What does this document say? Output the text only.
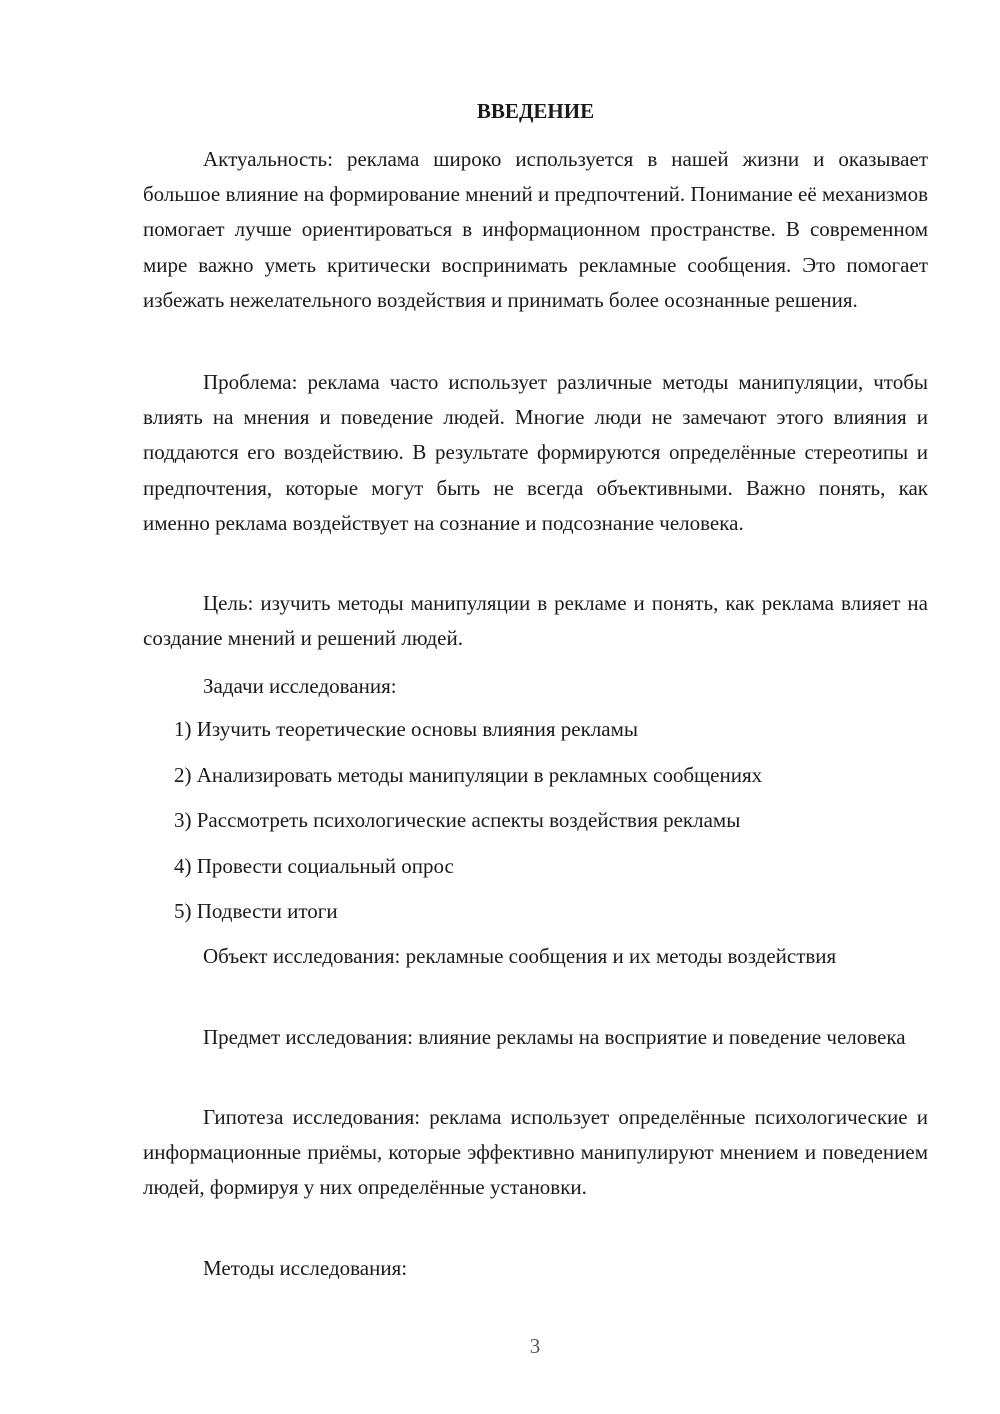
ВВЕДЕНИЕ

Актуальность: реклама широко используется в нашей жизни и оказывает большое влияние на формирование мнений и предпочтений. Понимание её механизмов помогает лучше ориентироваться в информационном пространстве. В современном мире важно уметь критически воспринимать рекламные сообщения. Это помогает избежать нежелательного воздействия и принимать более осознанные решения.

Проблема: реклама часто использует различные методы манипуляции, чтобы влиять на мнения и поведение людей. Многие люди не замечают этого влияния и поддаются его воздействию. В результате формируются определённые стереотипы и предпочтения, которые могут быть не всегда объективными. Важно понять, как именно реклама воздействует на сознание и подсознание человека.

Цель: изучить методы манипуляции в рекламе и понять, как реклама влияет на создание мнений и решений людей.

Задачи исследования:

1) Изучить теоретические основы влияния рекламы

2) Анализировать методы манипуляции в рекламных сообщениях

3) Рассмотреть психологические аспекты воздействия рекламы

4) Провести социальный опрос

5) Подвести итоги

Объект исследования: рекламные сообщения и их методы воздействия

Предмет исследования: влияние рекламы на восприятие и поведение человека

Гипотеза исследования: реклама использует определённые психологические и информационные приёмы, которые эффективно манипулируют мнением и поведением людей, формируя у них определённые установки.

Методы исследования:

3
